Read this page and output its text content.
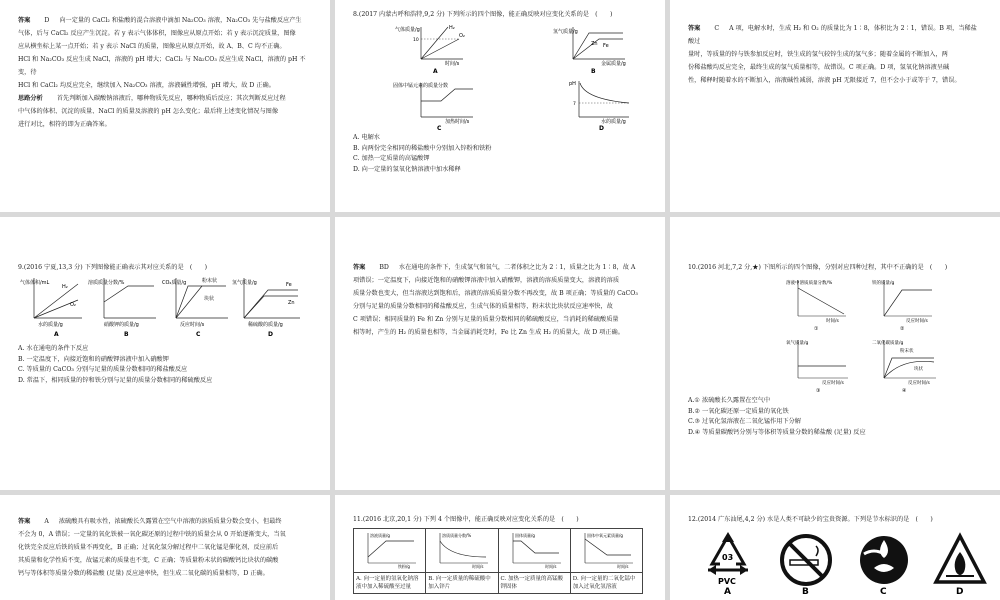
答案 D 向一定量的 CaCl₂ 和盐酸的混合溶液中滴加 Na₂CO₃ 溶液，Na₂CO₃ 先与盐酸反应产生

气体，后与 CaCl₂ 反应产生沉淀。若 y 表示气体体积，图像应从原点开始；若 y 表示沉淀质量，图像

应从横坐标上某一点开始；若 y 表示 NaCl 的质量，图像应从原点开始，故 A、B、C 均不正确。

HCl 和 Na₂CO₃ 反应生成 NaCl，溶液的 pH 增大；CaCl₂ 与 Na₂CO₃ 反应生成 NaCl，溶液的 pH 不变，待

HCl 和 CaCl₂ 均反应完全，继续加入 Na₂CO₃ 溶液，溶液碱性增强，pH 增大，故 D 正确。

思路分析 首先判断加入碳酸钠溶液后，哪种物质先反应，哪种物质后反应；其次判断反应过程

中气体的体积、沉淀的质量、NaCl 的质量及溶液的 pH 怎么变化；最后将上述变化情况与图像

进行对比，相符的即为正确答案。

8.(2017 内蒙古呼和浩特,9,2 分) 下列所示的四个图像，能正确反映对应变化关系的是　(　　)

气体质量/g	H₂
O₂
10
时间/s
A
氢气质量/g
Zn Fe
金属质量/g
B
固体中锰元素的质量分数
加热时间/s
C
pH
7
水的质量/g
D

A. 电解水

B. 向两份完全相同的稀盐酸中分别加入锌粉和铁粉

C. 加热一定质量的高锰酸钾

D. 向一定量的氢氧化钠溶液中加水稀释

答案 C A 项，电解水时，生成 H₂ 和 O₂ 的质量比为 1∶8，体积比为 2∶1，错误。B 项，当稀盐酸过

量时，等质量的锌与铁参加反应时，铁生成的氢气较锌生成的氢气多；随着金属的不断加入，两

份稀盐酸均反应完全，最终生成的氢气质量相等，故错误。C 项正确。D 项，氢氧化钠溶液呈碱

性，稀释时随着水的不断加入，溶液碱性减弱，溶液 pH 无限接近 7，但不会小于或等于 7，错误。

9.(2016 宁夏,13,3 分) 下列图像能正确表示其对应关系的是　(　　)

气体体积/mL
H₂
O₂
水的质量/g
A
溶质质量分数/%
硝酸钾的质量/g
B
CO₂质量/g	粉末状
块状
反应时间/s
C
氢气质量/g	Fe
Zn
稀硫酸的质量/g
D

A. 水在通电的条件下反应

B. 一定温度下，向接近饱和的硝酸钾溶液中加入硝酸钾

C. 等质量的 CaCO₃ 分别与足量的质量分数相同的稀盐酸反应

D. 常温下，相同质量的锌和铁分别与足量的质量分数相同的稀硫酸反应

答案 BD 水在通电的条件下，生成氢气和氧气，二者体积之比为 2∶1，质量之比为 1∶8，故 A

项错误；一定温度下，向接近饱和的硝酸钾溶液中加入硝酸钾，溶液的溶质质量变大，溶液的溶质

质量分数也变大，但当溶液达到饱和后，溶液的溶质质量分数不再改变，故 B 项正确；等质量的 CaCO₃

分别与足量的质量分数相同的稀盐酸反应，生成气体的质量相等，粉末状比块状反应速率快，故

C 项错误；相同质量的 Fe 和 Zn 分别与足量的质量分数相同的稀硫酸反应，当消耗的稀硫酸质量

相等时，产生的 H₂ 的质量也相等，当金属消耗完时，Fe 比 Zn 生成 H₂ 的质量大，故 D 项正确。

10.(2016 河北,7,2 分,★) 下图所示的四个图像，分别对应四种过程，其中不正确的是　(　　)

溶液中溶质质量分数/%
时间/s
①
铁的质量/g
反应时间/s
②
氧气质量/g
反应时间/s
③
二氧化碳质量/g
粉末状
块状
反应时间/s
④

A.① 浓硫酸长久露置在空气中

B.② 一氧化碳还原一定质量的氧化铁

C.③ 过氧化氢溶液在二氧化锰作用下分解

D.④ 等质量碳酸钙分别与等体积等质量分数的稀盐酸 (足量) 反应

答案 A 浓硫酸具有吸水性，浓硫酸长久露置在空气中溶液的溶质质量分数会变小，但最终

不会为 0，A 错误；一定量的氧化铁被一氧化碳还原的过程中铁的质量会从 0 开始逐渐变大，当氧

化铁完全反应后铁的质量不再变化，B 正确；过氧化氢分解过程中二氧化锰是催化剂，反应前后

其质量和化学性质不变，故锰元素的质量也不变，C 正确；等质量粉末状的碳酸钙比块状的碳酸

钙与等体积等质量分数的稀盐酸 (足量) 反应速率快，但生成二氧化碳的质量相等，D 正确。

11.(2016 北京,20,1 分) 下列 4 个图像中，能正确反映对应变化关系的是　(　　)

溶液质量/g
铁粉/g	溶质质量分数/%
时间/s	固体质量/g
时间/s	固体中氧元素质量/g
时间/s

A. 向一定量的氢氧化钠溶液中加入稀硫酸至过量	B. 向一定质量的稀硫酸中加入锌片	C. 加热一定质量的高锰酸钾固体	D. 向一定量的二氧化锰中加入过氧化氢溶液

12.(2014 广东汕尾,4,2 分) 水是人类不可缺少的宝贵资源。下列是节水标识的是　(　　)

03
PVC
A	B	C	D
